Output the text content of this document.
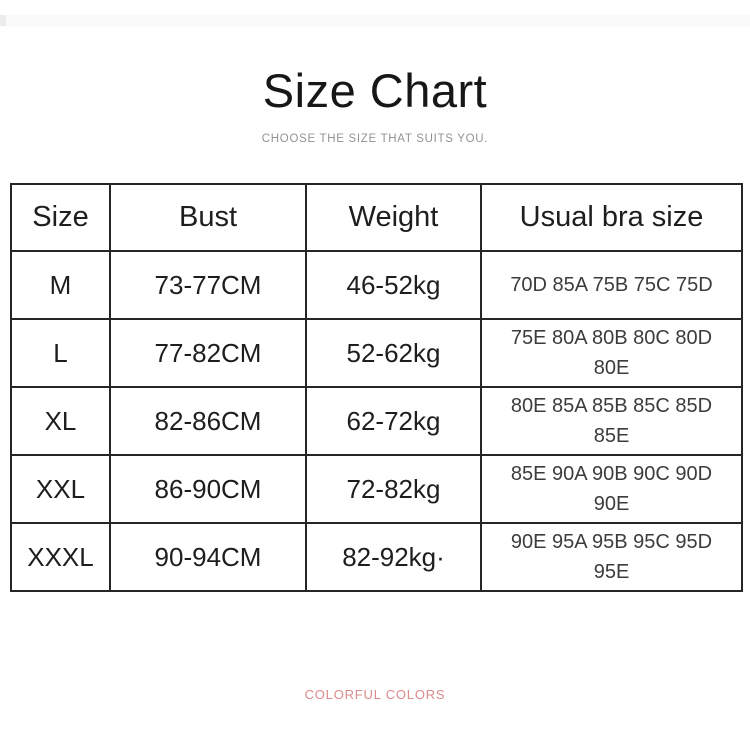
Size Chart
CHOOSE THE SIZE THAT SUITS YOU.
Size	Bust	Weight	Usual bra size
M	73-77CM	46-52kg	70D 85A 75B 75C 75D
L	77-82CM	52-62kg	75E 80A 80B 80C 80D 80E
XL	82-86CM	62-72kg	80E 85A 85B 85C 85D 85E
XXL	86-90CM	72-82kg	85E 90A 90B 90C 90D 90E
XXXL	90-94CM	82-92kg·	90E 95A 95B 95C 95D 95E
COLORFUL COLORS
